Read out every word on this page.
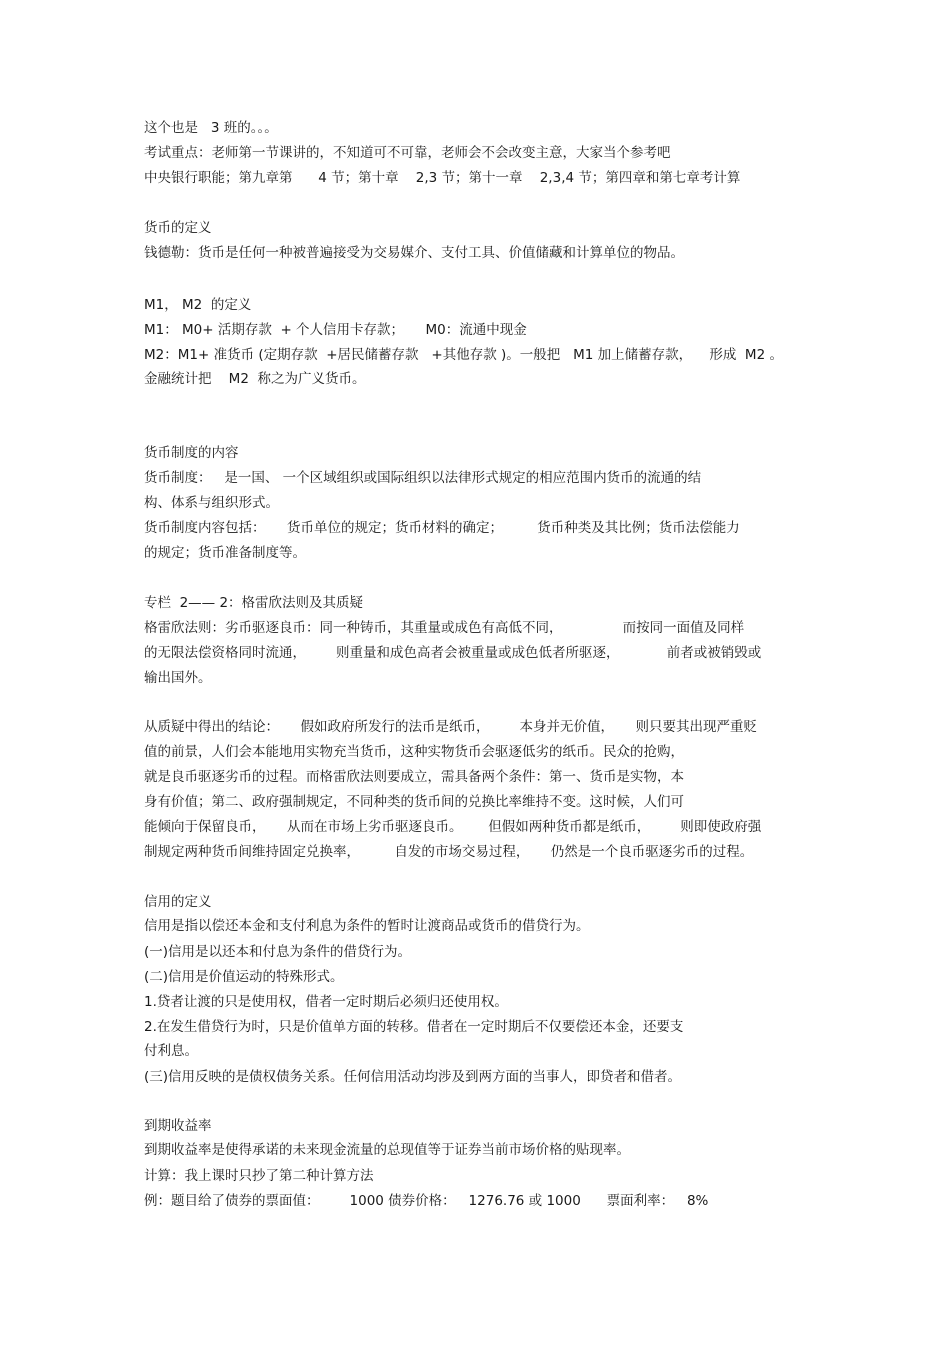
这个也是   3 班的。。。
考试重点：老师第一节课讲的，不知道可不可靠，老师会不会改变主意，大家当个参考吧
中央银行职能；第九章第      4 节；第十章    2,3 节；第十一章    2,3,4 节；第四章和第七章考计算
货币的定义
钱德勒：货币是任何一种被普遍接受为交易媒介、支付工具、价值储藏和计算单位的物品。
M1， M2  的定义
M1： M0+ 活期存款  + 个人信用卡存款；     M0：流通中现金
M2：M1+ 准货币 (定期存款  +居民储蓄存款   +其他存款 )。一般把   M1 加上储蓄存款，    形成  M2 。
金融统计把    M2  称之为广义货币。
货币制度的内容
货币制度：   是一国、 一个区域组织或国际组织以法律形式规定的相应范围内货币的流通的结
构、体系与组织形式。
货币制度内容包括：     货币单位的规定；货币材料的确定；        货币种类及其比例；货币法偿能力
的规定；货币准备制度等。
专栏  2—— 2：格雷欣法则及其质疑
格雷欣法则：劣币驱逐良币：同一种铸币，其重量或成色有高低不同，              而按同一面值及同样
的无限法偿资格同时流通，       则重量和成色高者会被重量或成色低者所驱逐，           前者或被销毁或
输出国外。
从质疑中得出的结论：     假如政府所发行的法币是纸币，       本身并无价值，     则只要其出现严重贬
值的前景，人们会本能地用实物充当货币，这种实物货币会驱逐低劣的纸币。民众的抢购，
就是良币驱逐劣币的过程。而格雷欣法则要成立，需具备两个条件：第一、货币是实物，本
身有价值；第二、政府强制规定，不同种类的货币间的兑换比率维持不变。这时候，人们可
能倾向于保留良币，     从而在市场上劣币驱逐良币。      但假如两种货币都是纸币，       则即使政府强
制规定两种货币间维持固定兑换率，        自发的市场交易过程，     仍然是一个良币驱逐劣币的过程。
信用的定义
信用是指以偿还本金和支付利息为条件的暂时让渡商品或货币的借贷行为。
(一)信用是以还本和付息为条件的借贷行为。
(二)信用是价值运动的特殊形式。
1.贷者让渡的只是使用权，借者一定时期后必须归还使用权。
2.在发生借贷行为时，只是价值单方面的转移。借者在一定时期后不仅要偿还本金，还要支
付利息。
(三)信用反映的是债权债务关系。任何信用活动均涉及到两方面的当事人，即贷者和借者。
到期收益率
到期收益率是使得承诺的未来现金流量的总现值等于证券当前市场价格的贴现率。
计算：我上课时只抄了第二种计算方法
例：题目给了债券的票面值：       1000 债券价格：   1276.76 或 1000      票面利率：   8%
